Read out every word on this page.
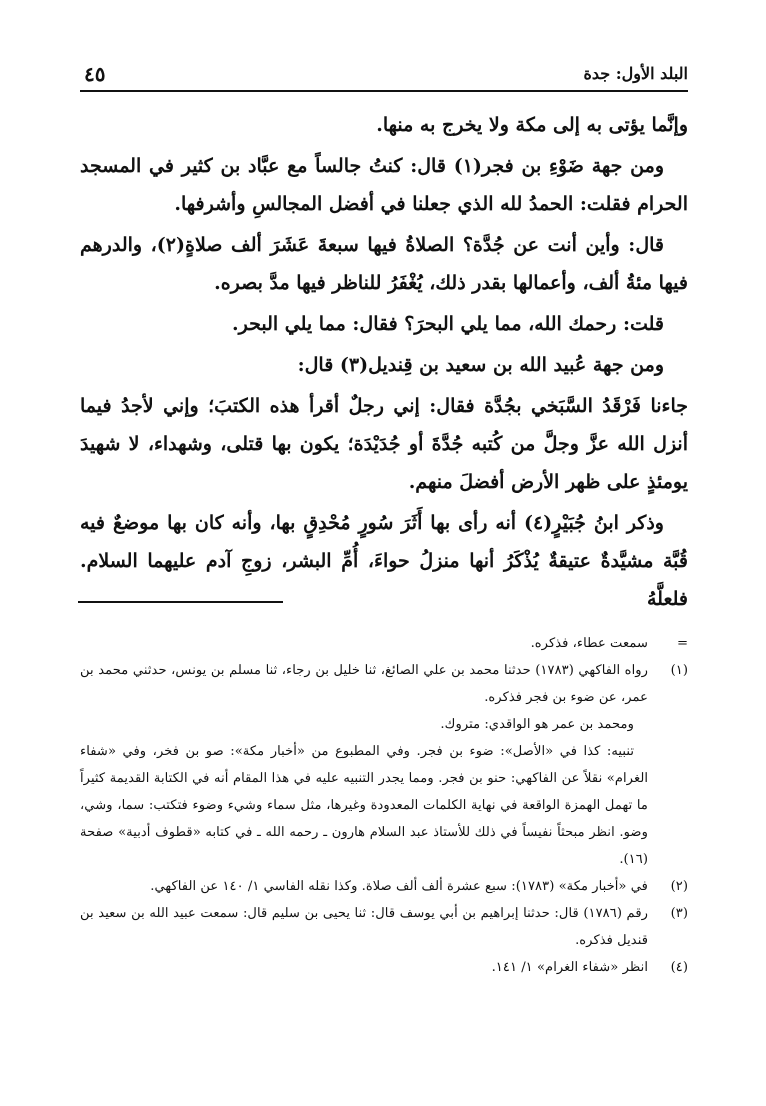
البلد الأول: جدة
٤٥

وإنَّما يؤتى به إلى مكة ولا يخرج به منها.

ومن جهة ضَوْءِ بن فجر(١) قال: كنتُ جالساً مع عبَّاد بن كثير في المسجد الحرام فقلت: الحمدُ لله الذي جعلنا في أفضل المجالسِ وأشرفها.

قال: وأين أنت عن جُدَّة؟ الصلاةُ فيها سبعةَ عَشَرَ ألف صلاةٍ(٢)، والدرهم فيها مئةُ ألف، وأعمالها بقدر ذلك، يُغْفَرُ للناظر فيها مدَّ بصره.

قلت: رحمك الله، مما يلي البحرَ؟ فقال: مما يلي البحر.

ومن جهة عُبيد الله بن سعيد بن قِنديل(٣) قال:

جاءنا فَرْقَدُ السَّبَخي بجُدَّة فقال: إني رجلٌ أقرأ هذه الكتبَ؛ وإني لأجدُ فيما أنزل الله عزَّ وجلَّ من كُتبه جُدَّةَ أو جُدَيْدَة؛ يكون بها قتلى، وشهداء، لا شهيدَ يومئذٍ على ظهر الأرض أفضلَ منهم.

وذكر ابنُ جُبَيْرٍ(٤) أنه رأى بها أَثَرَ سُورٍ مُحْدِقٍ بها، وأنه كان بها موضعٌ فيه قُبَّة مشيَّدةٌ عتيقةٌ يُذْكَرُ أنها منزلُ حواءَ، أُمِّ البشر، زوجِ آدم عليهما السلام. فلعلَّهُ

=

سمعت عطاء، فذكره.

(١)

رواه الفاكهي (١٧٨٣) حدثنا محمد بن علي الصائغ، ثنا خليل بن رجاء، ثنا مسلم بن يونس، حدثني محمد بن عمر، عن ضوء بن فجر فذكره.

ومحمد بن عمر هو الواقدي: متروك.

تنبيه: كذا في «الأصل»: ضوء بن فجر. وفي المطبوع من «أخبار مكة»: صو بن فخر، وفي «شفاء الغرام» نقلاً عن الفاكهي: حنو بن فجر. ومما يجدر التنبيه عليه في هذا المقام أنه في الكتابة القديمة كثيراً ما تهمل الهمزة الواقعة في نهاية الكلمات المعدودة وغيرها، مثل سماء وشيء وضوء فتكتب: سما، وشي، وضو. انظر مبحثاً نفيساً في ذلك للأستاذ عبد السلام هارون ـ رحمه الله ـ في كتابه «قطوف أدبية» صفحة (١٦).

(٢)

في «أخبار مكة» (١٧٨٣): سبع عشرة ألف ألف صلاة. وكذا نقله الفاسي ١/ ١٤٠ عن الفاكهي.

(٣)

رقم (١٧٨٦) قال: حدثنا إبراهيم بن أبي يوسف قال: ثنا يحيى بن سليم قال: سمعت عبيد الله بن سعيد بن قنديل فذكره.

(٤)

انظر «شفاء الغرام» ١/ ١٤١.
